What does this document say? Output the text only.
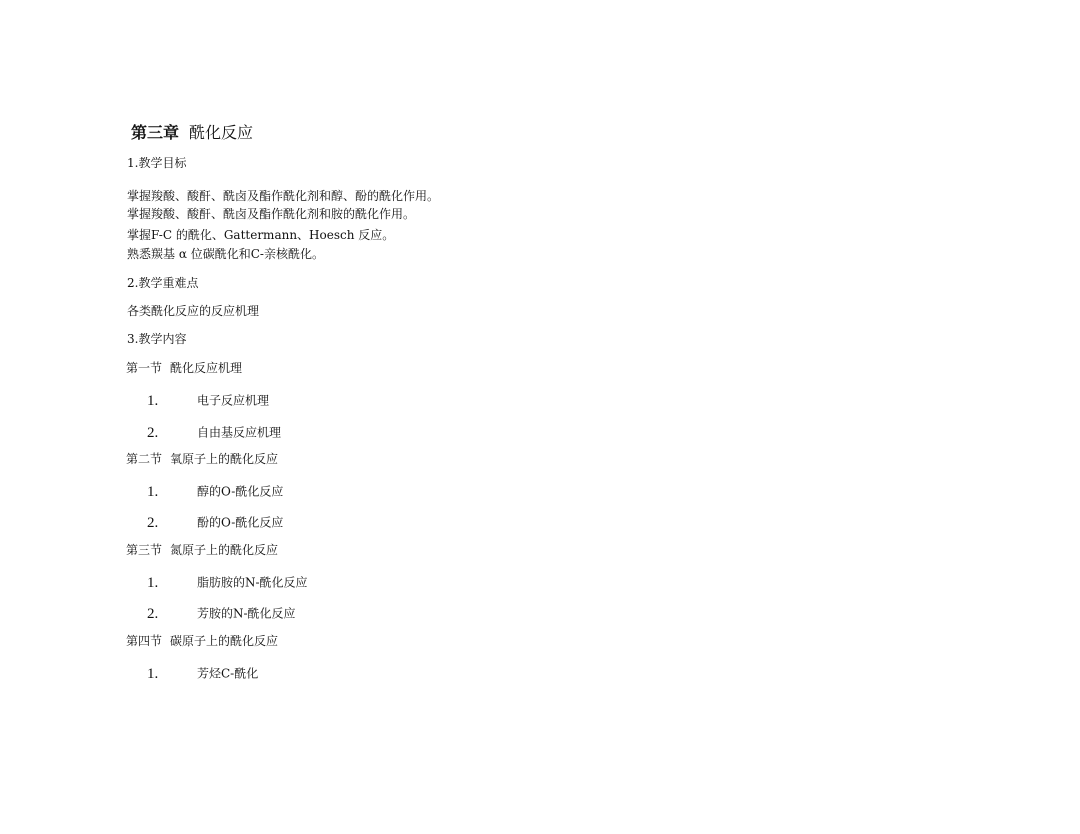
第三章 酰化反应
1.教学目标
掌握羧酸、酸酐、酰卤及酯作酰化剂和醇、酚的酰化作用。
掌握羧酸、酸酐、酰卤及酯作酰化剂和胺的酰化作用。
掌握F-C 的酰化、Gattermann、Hoesch 反应。
熟悉羰基 α 位碳酰化和C-亲核酰化。
2.教学重难点
各类酰化反应的反应机理
3.教学内容
第一节 酰化反应机理
1.	电子反应机理
2.	自由基反应机理
第二节 氧原子上的酰化反应
1.	醇的O-酰化反应
2.	酚的O-酰化反应
第三节 氮原子上的酰化反应
1.	脂肪胺的N-酰化反应
2.	芳胺的N-酰化反应
第四节 碳原子上的酰化反应
1.	芳烃C-酰化
